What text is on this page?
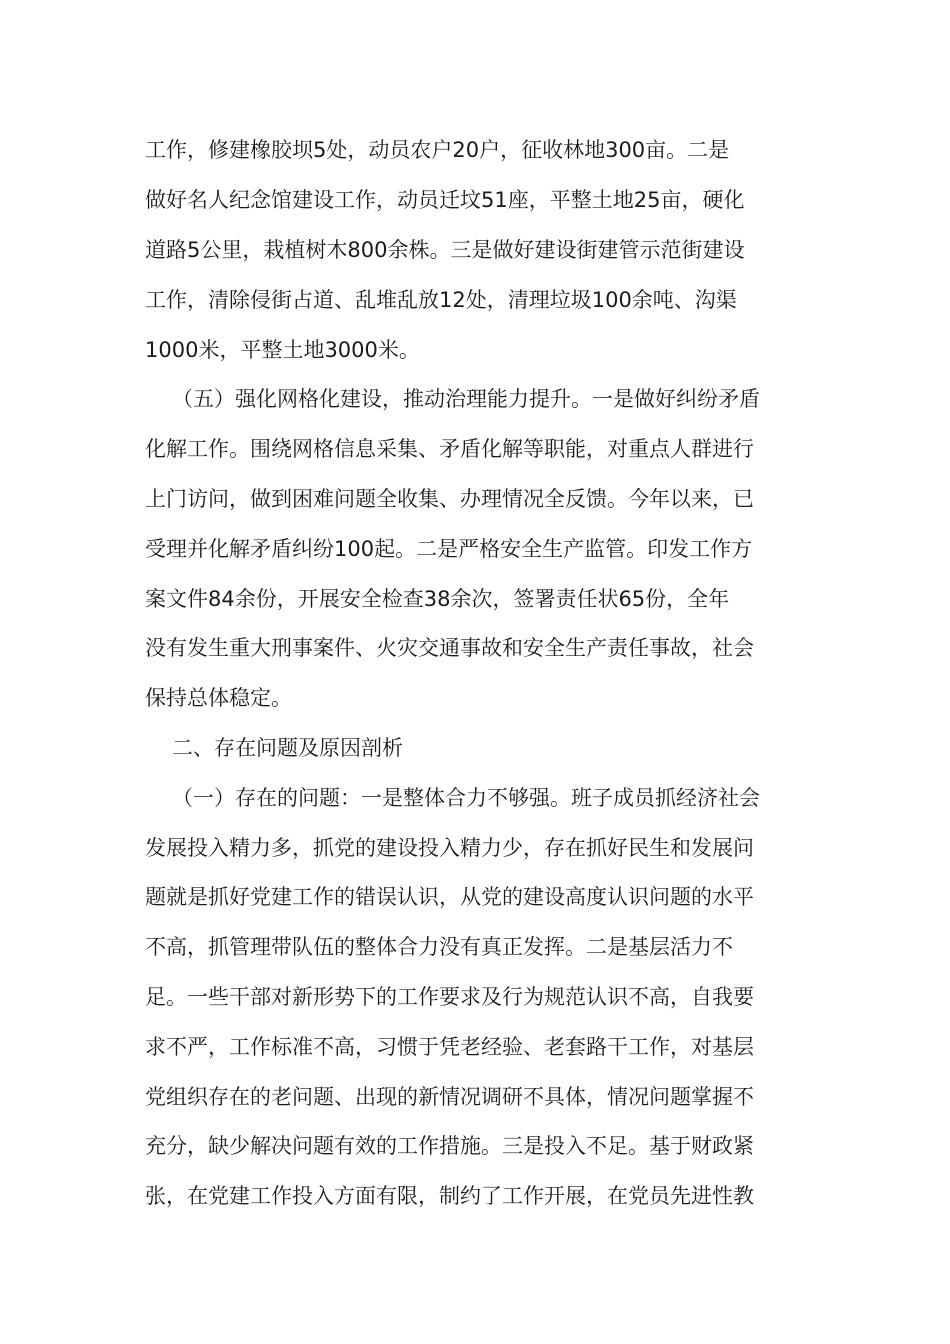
工作，修建橡胶坝5处，动员农户20户，征收林地300亩。二是
做好名人纪念馆建设工作，动员迁坟51座，平整土地25亩，硬化
道路5公里，栽植树木800余株。三是做好建设街建管示范街建设
工作，清除侵街占道、乱堆乱放12处，清理垃圾100余吨、沟渠
1000米，平整土地3000米。
（五）强化网格化建设，推动治理能力提升。一是做好纠纷矛盾
化解工作。围绕网格信息采集、矛盾化解等职能，对重点人群进行
上门访问，做到困难问题全收集、办理情况全反馈。今年以来，已
受理并化解矛盾纠纷100起。二是严格安全生产监管。印发工作方
案文件84余份，开展安全检查38余次，签署责任状65份，全年
没有发生重大刑事案件、火灾交通事故和安全生产责任事故，社会
保持总体稳定。
二、存在问题及原因剖析
（一）存在的问题：一是整体合力不够强。班子成员抓经济社会
发展投入精力多，抓党的建设投入精力少，存在抓好民生和发展问
题就是抓好党建工作的错误认识，从党的建设高度认识问题的水平
不高，抓管理带队伍的整体合力没有真正发挥。二是基层活力不
足。一些干部对新形势下的工作要求及行为规范认识不高，自我要
求不严，工作标准不高，习惯于凭老经验、老套路干工作，对基层
党组织存在的老问题、出现的新情况调研不具体，情况问题掌握不
充分，缺少解决问题有效的工作措施。三是投入不足。基于财政紧
张，在党建工作投入方面有限，制约了工作开展，在党员先进性教
